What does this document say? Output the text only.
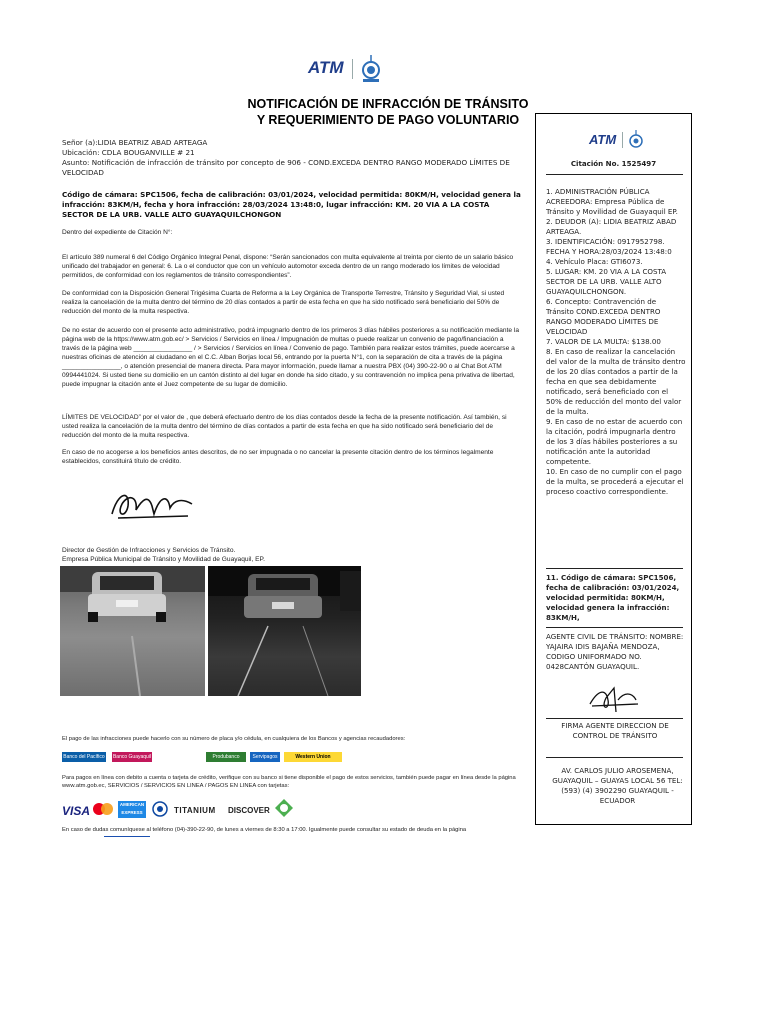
ATM
NOTIFICACIÓN DE INFRACCIÓN DE TRÁNSITO
Y REQUERIMIENTO DE PAGO VOLUNTARIO
Señor (a):LIDIA BEATRIZ ABAD ARTEAGA
Ubicación: CDLA BOUGANVILLE # 21
Asunto: Notificación de infracción de tránsito por concepto de 906 - COND.EXCEDA DENTRO RANGO MODERADO LÍMITES DE VELOCIDAD
Código de cámara: SPC1506, fecha de calibración: 03/01/2024, velocidad permitida: 80KM/H, velocidad genera la infracción: 83KM/H, fecha y hora infracción: 28/03/2024 13:48:0, lugar infracción: KM. 20 VIA A LA COSTA SECTOR DE LA URB. VALLE ALTO GUAYAQUILCHONGON
Dentro del expediente de Citación N°:
El artículo 389 numeral 6 del Código Orgánico Integral Penal, dispone: “Serán sancionados con multa equivalente al treinta por ciento de un salario básico unificado del trabajador en general: 6. La o el conductor que con un vehículo automotor exceda dentro de un rango moderado los límites de velocidad permitidos, de conformidad con los reglamentos de tránsito correspondientes”.
De conformidad con la Disposición General Trigésima Cuarta de Reforma a la Ley Orgánica de Transporte Terrestre, Tránsito y Seguridad Vial, si usted realiza la cancelación de la multa dentro del término de 20 días contados a partir de esta fecha en que ha sido notificado será beneficiario del 50% de reducción del monto de la multa respectiva.
De no estar de acuerdo con el presente acto administrativo, podrá impugnarlo dentro de los primeros 3 días hábiles posteriores a su notificación mediante la página web de la https://www.atm.gob.ec/ > Servicios / Servicios en línea / Impugnación de multas o puede realizar un convenio de pago/financiación a través de la página web ________________ / > Servicios / Servicios en línea / Convenio de pago. También para realizar estos trámites, puede acercarse a nuestras oficinas de atención al ciudadano en el C.C. Alban Borjas local 56, entrando por la puerta N°1, con la separación de cita a través de la página ________________, o atención presencial de manera directa. Para mayor información, puede llamar a nuestra PBX (04) 390-22-90 o al Chat Bot ATM 0994441024. Si usted tiene su domicilio en un cantón distinto al del lugar en donde ha sido citado, y su contravención no implica pena privativa de libertad, puede impugnar la citación ante el Juez competente de su lugar de domicilio.
LÍMITES DE VELOCIDAD” por el valor de , que deberá efectuarlo dentro de los días contados desde la fecha de la presente notificación. Así también, si usted realiza la cancelación de la multa dentro del término de días contados a partir de esta fecha en que ha sido notificado será beneficiario del de reducción del monto de la multa respectiva.
En caso de no acogerse a los beneficios antes descritos, de no ser impugnada o no cancelar la presente citación dentro de los términos legalmente establecidos, constituirá título de crédito.
Director de Gestión de Infracciones y Servicios de Tránsito.
Empresa Pública Municipal de Tránsito y Movilidad de Guayaquil, EP.
El pago de las infracciones puede hacerlo con su número de placa y/o cédula, en cualquiera de los Bancos y agencias recaudadores:
Banco del Pacífico Banco Guayaquil	Produbanco	Servipagos	Western Union
Para pagos en línea con debito a cuenta o tarjeta de crédito, verifique con su banco si tiene disponible el pago de estos servicios, también puede pagar en línea desde la página www.atm.gob.ec, SERVICIOS / SERVICIOS EN LINEA / PAGOS EN LINEA con tarjetas:
VISA	AMERICAN EXPRESS	TITANIUM DISCOVER
En caso de dudas comuníquese al teléfono (04)-390-22-90, de lunes a viernes de 8:30 a 17:00. Igualmente puede consultar su estado de deuda en la página
ATM
Citación No. 1525497
1. ADMINISTRACIÓN PÚBLICA ACREEDORA: Empresa Pública de Tránsito y Movilidad de Guayaquil EP.
2. DEUDOR (A): LIDIA BEATRIZ ABAD ARTEAGA.
3. IDENTIFICACIÓN: 0917952798. FECHA Y HORA:28/03/2024 13:48:0
4. Vehículo Placa: GTI6073.
5. LUGAR: KM. 20 VIA A LA COSTA SECTOR DE LA URB. VALLE ALTO GUAYAQUILCHONGON.
6. Concepto: Contravención de Tránsito COND.EXCEDA DENTRO RANGO MODERADO LÍMITES DE VELOCIDAD
7. VALOR DE LA MULTA: $138.00
8. En caso de realizar la cancelación del valor de la multa de tránsito dentro de los 20 días contados a partir de la fecha en que sea debidamente notificado, será beneficiado con el 50% de reducción del monto del valor de la multa.
9. En caso de no estar de acuerdo con la citación, podrá impugnarla dentro de los 3 días hábiles posteriores a su notificación ante la autoridad competente.
10. En caso de no cumplir con el pago de la multa, se procederá a ejecutar el proceso coactivo correspondiente.
11. Código de cámara: SPC1506, fecha de calibración: 03/01/2024, velocidad permitida: 80KM/H, velocidad genera la infracción: 83KM/H,
AGENTE CIVIL DE TRÁNSITO: NOMBRE: YAJAIRA IDIS BAJAÑA MENDOZA, CODIGO UNIFORMADO NO. 0428CANTÓN GUAYAQUIL.
FIRMA AGENTE DIRECCION DE CONTROL DE TRÁNSITO
AV. CARLOS JULIO AROSEMENA, GUAYAQUIL – GUAYAS LOCAL 56 TEL: (593) (4) 3902290 GUAYAQUIL - ECUADOR
